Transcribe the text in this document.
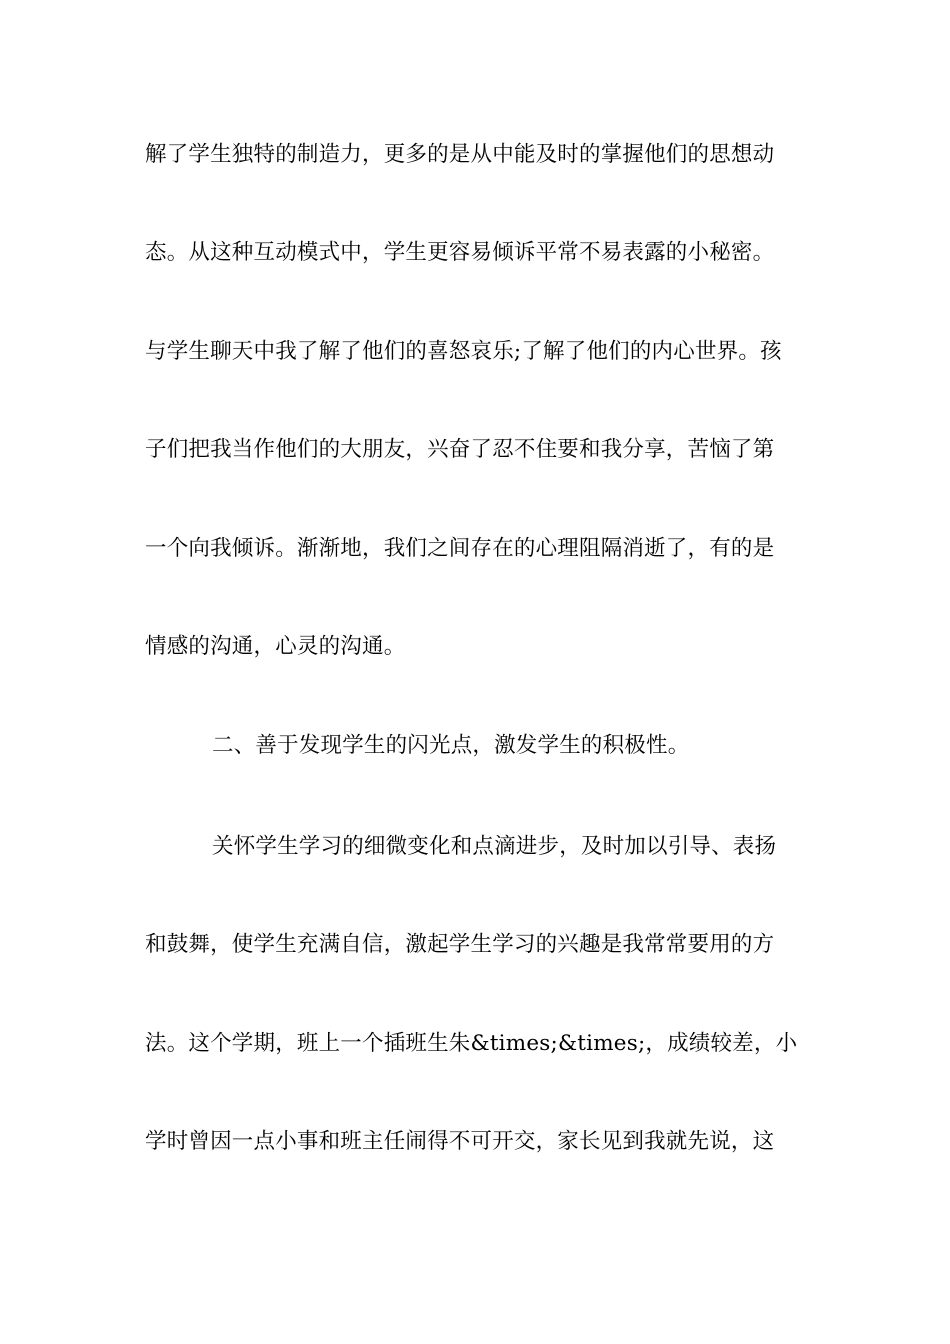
解了学生独特的制造力，更多的是从中能及时的掌握他们的思想动
态。从这种互动模式中，学生更容易倾诉平常不易表露的小秘密。
与学生聊天中我了解了他们的喜怒哀乐;了解了他们的内心世界。孩
子们把我当作他们的大朋友，兴奋了忍不住要和我分享，苦恼了第
一个向我倾诉。渐渐地，我们之间存在的心理阻隔消逝了，有的是
情感的沟通，心灵的沟通。
二、善于发现学生的闪光点，激发学生的积极性。
关怀学生学习的细微变化和点滴进步，及时加以引导、表扬
和鼓舞，使学生充满自信，激起学生学习的兴趣是我常常要用的方
法。这个学期，班上一个插班生朱&times;&times;，成绩较差，小
学时曾因一点小事和班主任闹得不可开交，家长见到我就先说，这
